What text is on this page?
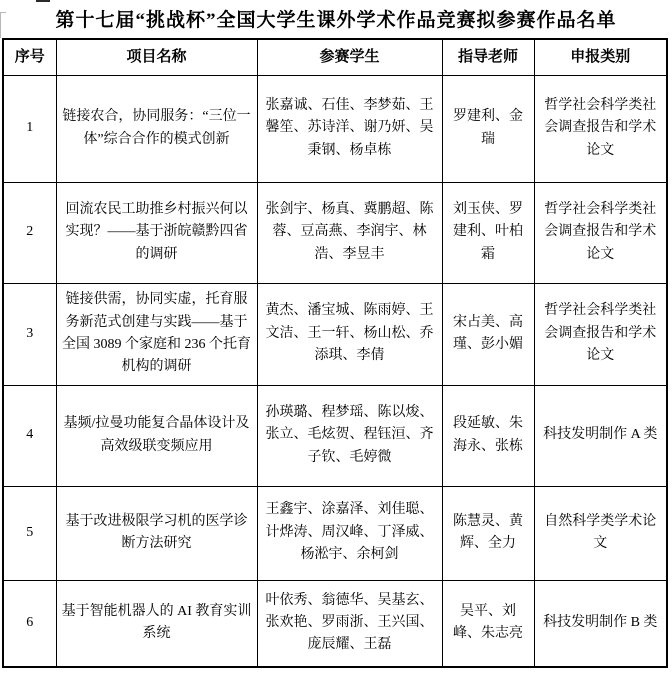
第十七届“挑战杯”全国大学生课外学术作品竞赛拟参赛作品名单
序号	项目名称	参赛学生	指导老师	申报类别
1	链接农合，协同服务：“三位一体”综合合作的模式创新	张嘉诚、石佳、李梦茹、王馨笙、苏诗洋、谢乃妍、吴秉钢、杨卓栋	罗建利、金瑞	哲学社会科学类社会调查报告和学术论文
2	回流农民工助推乡村振兴何以实现？——基于浙皖赣黔四省的调研	张剑宇、杨真、冀鹏超、陈蓉、豆高燕、李润宇、林浩、李昱丰	刘玉侠、罗建利、叶柏霜	哲学社会科学类社会调查报告和学术论文
3	链接供需，协同实虚，托育服务新范式创建与实践——基于全国 3089 个家庭和 236 个托育机构的调研	黄杰、潘宝城、陈雨婷、王文洁、王一轩、杨山松、乔添琪、李倩	宋占美、高瑾、彭小媚	哲学社会科学类社会调查报告和学术论文
4	基频/拉曼功能复合晶体设计及高效级联变频应用	孙瑛璐、程梦瑶、陈以焌、张立、毛炫贺、程钰洹、齐子钦、毛婷微	段延敏、朱海永、张栋	科技发明制作 A 类
5	基于改进极限学习机的医学诊断方法研究	王鑫宇、涂嘉泽、刘佳聪、计烨涛、周汉峰、丁泽威、杨淞宇、余柯剑	陈慧灵、黄辉、全力	自然科学类学术论文
6	基于智能机器人的 AI 教育实训系统	叶依秀、翁德华、吴基玄、张欢艳、罗雨浙、王兴国、庞辰耀、王磊	吴平、刘峰、朱志亮	科技发明制作 B 类
